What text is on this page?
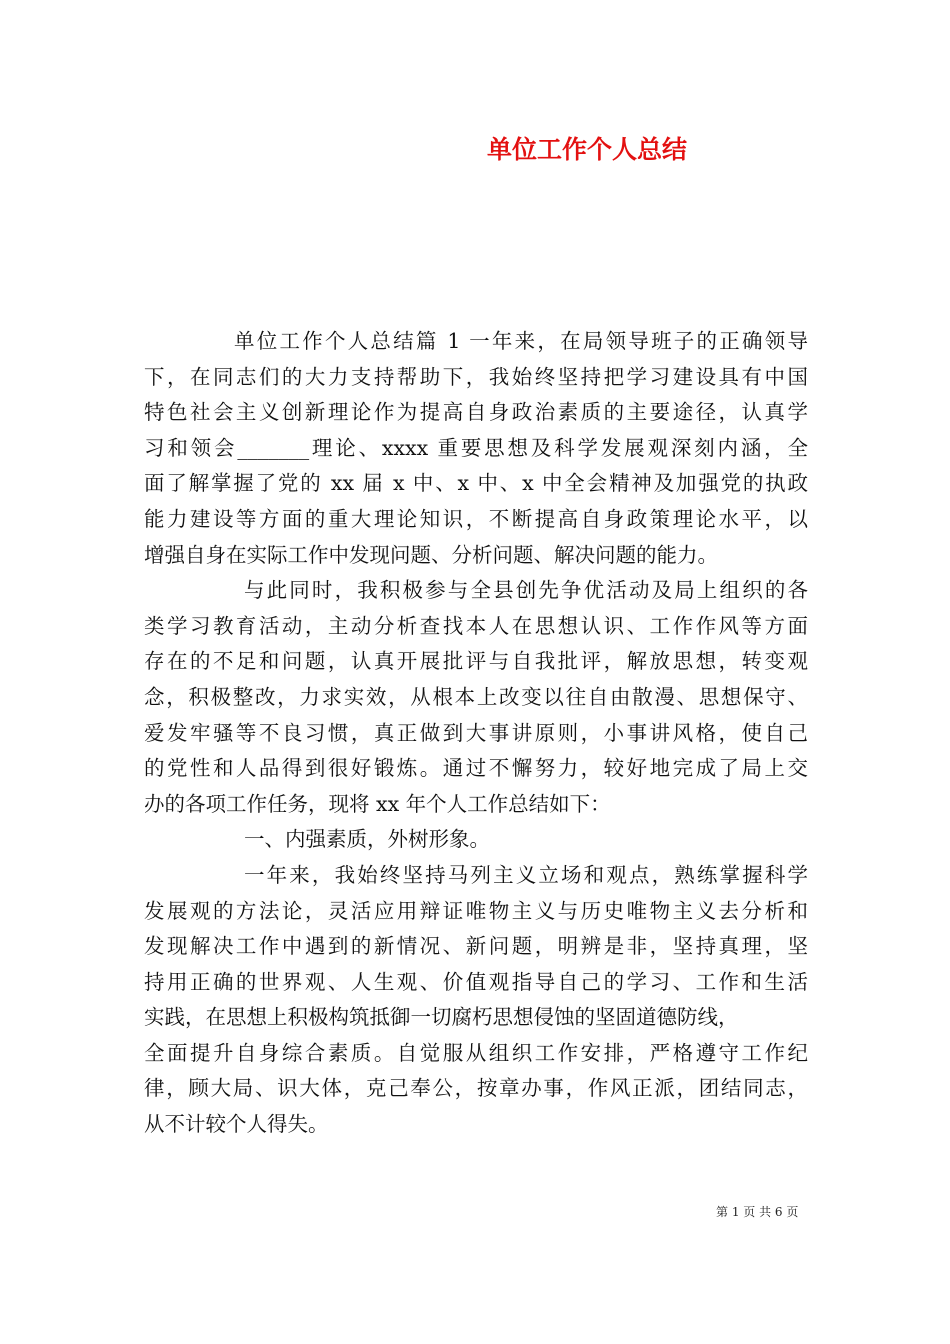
单位工作个人总结
单位工作个人总结篇 1 一年来，在局领导班子的正确领导
下，在同志们的大力支持帮助下，我始终坚持把学习建设具有中国
特色社会主义创新理论作为提高自身政治素质的主要途径，认真学
习和领会_______理论、xxxx 重要思想及科学发展观深刻内涵，全
面了解掌握了党的 xx 届 x 中、x 中、x 中全会精神及加强党的执政
能力建设等方面的重大理论知识，不断提高自身政策理论水平，以
增强自身在实际工作中发现问题、分析问题、解决问题的能力。
与此同时，我积极参与全县创先争优活动及局上组织的各
类学习教育活动，主动分析查找本人在思想认识、工作作风等方面
存在的不足和问题，认真开展批评与自我批评，解放思想，转变观
念，积极整改，力求实效，从根本上改变以往自由散漫、思想保守、
爱发牢骚等不良习惯，真正做到大事讲原则，小事讲风格，使自己
的党性和人品得到很好锻炼。通过不懈努力，较好地完成了局上交
办的各项工作任务，现将 xx 年个人工作总结如下：
一、内强素质，外树形象。
一年来，我始终坚持马列主义立场和观点，熟练掌握科学
发展观的方法论，灵活应用辩证唯物主义与历史唯物主义去分析和
发现解决工作中遇到的新情况、新问题，明辨是非，坚持真理，坚
持用正确的世界观、人生观、价值观指导自己的学习、工作和生活
实践，在思想上积极构筑抵御一切腐朽思想侵蚀的坚固道德防线，
全面提升自身综合素质。自觉服从组织工作安排，严格遵守工作纪
律，顾大局、识大体，克己奉公，按章办事，作风正派，团结同志，
从不计较个人得失。
第 1 页 共 6 页
